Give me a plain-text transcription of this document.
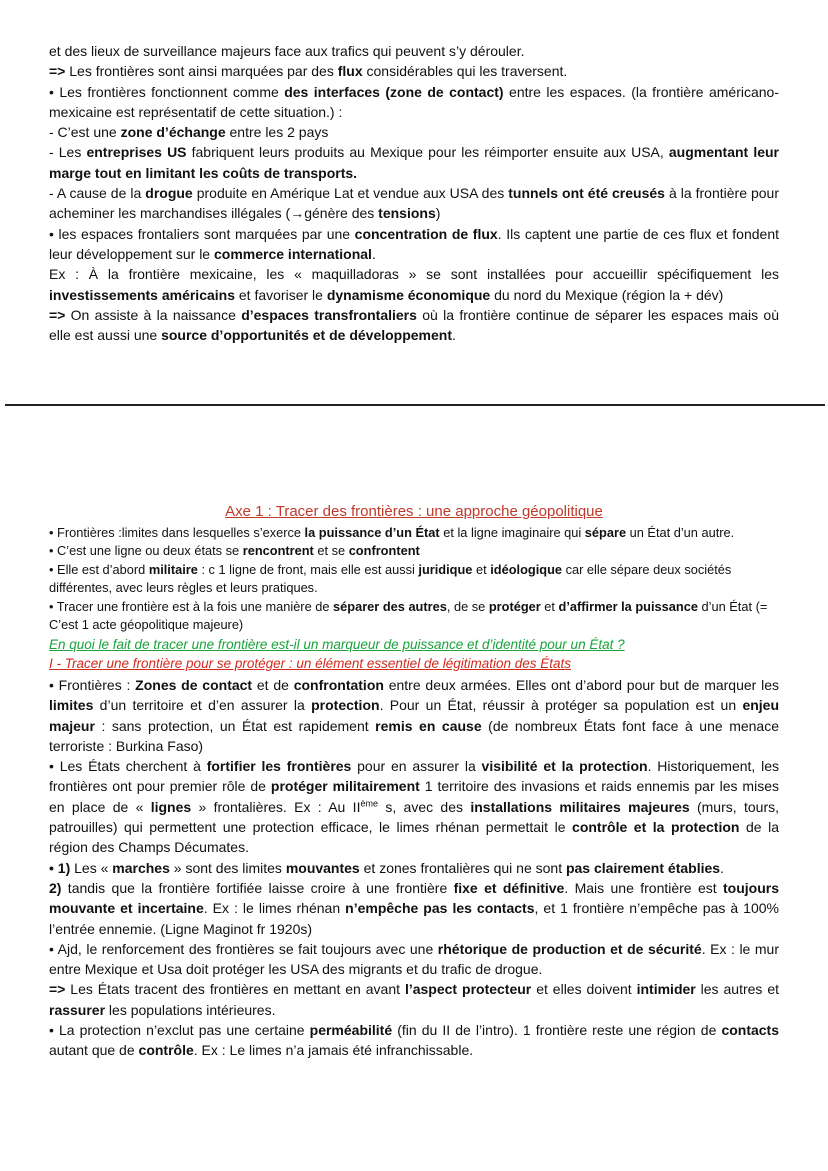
et des lieux de surveillance majeurs face aux trafics qui peuvent s’y dérouler.

=> Les frontières sont ainsi marquées par des flux considérables qui les traversent.

• Les frontières fonctionnent comme des interfaces (zone de contact) entre les espaces. (la frontière américano-mexicaine est représentatif de cette situation.) :

- C’est une zone d’échange entre les 2 pays

- Les entreprises US fabriquent leurs produits au Mexique pour les réimporter ensuite aux USA, augmentant leur marge tout en limitant les coûts de transports.

- A cause de la drogue produite en Amérique Lat et vendue aux USA des tunnels ont été creusés à la frontière pour acheminer les marchandises illégales (→génère des tensions)

• les espaces frontaliers sont marquées par une concentration de flux. Ils captent une partie de ces flux et fondent leur développement sur le commerce international.

Ex : À la frontière mexicaine, les « maquilladoras » se sont installées pour accueillir spécifiquement les investissements américains et favoriser le dynamisme économique du nord du Mexique (région la + dév)

=> On assiste à la naissance d’espaces transfrontaliers où la frontière continue de séparer les espaces mais où elle est aussi une source d’opportunités et de développement.

Axe 1 : Tracer des frontières : une approche géopolitique

• Frontières :limites dans lesquelles s’exerce la puissance d’un État et la ligne imaginaire qui sépare un État d’un autre.

• C’est une ligne ou deux états se rencontrent et se confrontent

• Elle est d’abord militaire : c 1 ligne de front, mais elle est aussi juridique et idéologique car elle sépare deux sociétés différentes, avec leurs règles et leurs pratiques.

• Tracer une frontière est à la fois une manière de séparer des autres, de se protéger et d’affirmer la puissance d’un État (= C’est 1 acte géopolitique majeure)

En quoi le fait de tracer une frontière est-il un marqueur de puissance et d’identité pour un État ?

I - Tracer une frontière pour se protéger : un élément essentiel de légitimation des États

• Frontières : Zones de contact et de confrontation entre deux armées. Elles ont d’abord pour but de marquer les limites d’un territoire et d’en assurer la protection. Pour un État, réussir à protéger sa population est un enjeu majeur : sans protection, un État est rapidement remis en cause (de nombreux États font face à une menace terroriste : Burkina Faso)

• Les États cherchent à fortifier les frontières pour en assurer la visibilité et la protection. Historiquement, les frontières ont pour premier rôle de protéger militairement 1 territoire des invasions et raids ennemis par les mises en place de « lignes » frontalières. Ex : Au IIème s, avec des installations militaires majeures (murs, tours, patrouilles) qui permettent une protection efficace, le limes rhénan permettait le contrôle et la protection de la région des Champs Décumates.

• 1) Les « marches » sont des limites mouvantes et zones frontalières qui ne sont pas clairement établies.

2) tandis que la frontière fortifiée laisse croire à une frontière fixe et définitive. Mais une frontière est toujours mouvante et incertaine. Ex : le limes rhénan n’empêche pas les contacts, et 1 frontière n’empêche pas à 100% l’entrée ennemie. (Ligne Maginot fr 1920s)

• Ajd, le renforcement des frontières se fait toujours avec une rhétorique de production et de sécurité. Ex : le mur entre Mexique et Usa doit protéger les USA des migrants et du trafic de drogue.

=> Les États tracent des frontières en mettant en avant l’aspect protecteur et elles doivent intimider les autres et rassurer les populations intérieures.

• La protection n’exclut pas une certaine perméabilité (fin du II de l’intro). 1 frontière reste une région de contacts autant que de contrôle. Ex : Le limes n’a jamais été infranchissable.
